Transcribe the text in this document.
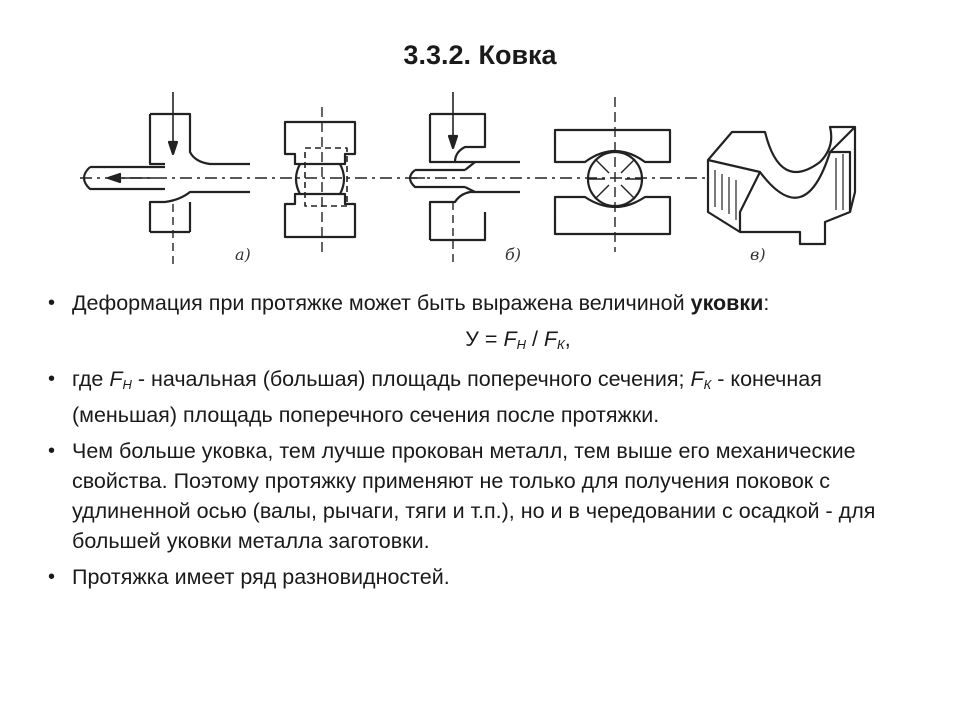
3.3.2. Ковка
а)	б)	в)
• Деформация при протяжке может быть выражена величиной уковки:
$У = F_Н / F_К$,
• где $F_Н$ - начальная (большая) площадь поперечного сечения; $F_К$ - конечная (меньшая) площадь поперечного сечения после протяжки.
• Чем больше уковка, тем лучше прокован металл, тем выше его механические свойства. Поэтому протяжку применяют не только для получения поковок с удлиненной осью (валы, рычаги, тяги и т.п.), но и в чередовании с осадкой - для большей уковки металла заготовки.
• Протяжка имеет ряд разновидностей.
